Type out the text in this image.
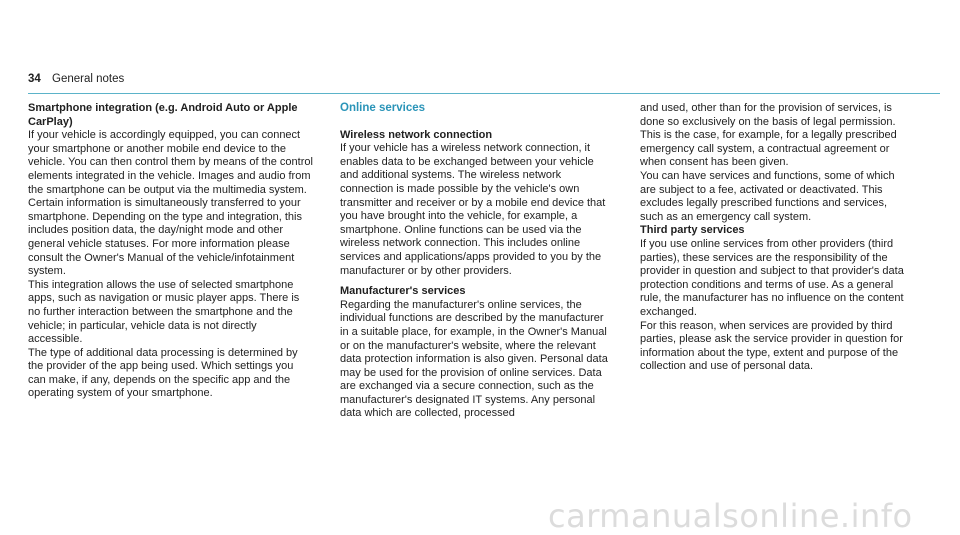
34 General notes

Smartphone integration (e.g. Android Auto or Apple CarPlay)

If your vehicle is accordingly equipped, you can connect your smartphone or another mobile end device to the vehicle. You can then control them by means of the control elements integrated in the vehicle. Images and audio from the smartphone can be output via the multimedia system. Certain information is simultaneously transferred to your smartphone. Depending on the type and integration, this includes position data, the day/night mode and other general vehicle statuses. For more information please consult the Owner's Manual of the vehicle/infotainment system.

This integration allows the use of selected smartphone apps, such as navigation or music player apps. There is no further interaction between the smartphone and the vehicle; in particular, vehicle data is not directly accessible.

The type of additional data processing is determined by the provider of the app being used. Which settings you can make, if any, depends on the specific app and the operating system of your smartphone.

Online services

Wireless network connection

If your vehicle has a wireless network connection, it enables data to be exchanged between your vehicle and additional systems. The wireless network connection is made possible by the vehicle's own transmitter and receiver or by a mobile end device that you have brought into the vehicle, for example, a smartphone. Online functions can be used via the wireless network connection. This includes online services and applications/apps provided to you by the manufacturer or by other providers.

Manufacturer's services

Regarding the manufacturer's online services, the individual functions are described by the manufacturer in a suitable place, for example, in the Owner's Manual or on the manufacturer's website, where the relevant data protection information is also given. Personal data may be used for the provision of online services. Data are exchanged via a secure connection, such as the manufacturer's designated IT systems. Any personal data which are collected, processed

and used, other than for the provision of services, is done so exclusively on the basis of legal permission. This is the case, for example, for a legally prescribed emergency call system, a contractual agreement or when consent has been given.

You can have services and functions, some of which are subject to a fee, activated or deactivated. This excludes legally prescribed functions and services, such as an emergency call system.

Third party services

If you use online services from other providers (third parties), these services are the responsibility of the provider in question and subject to that provider's data protection conditions and terms of use. As a general rule, the manufacturer has no influence on the content exchanged.

For this reason, when services are provided by third parties, please ask the service provider in question for information about the type, extent and purpose of the collection and use of personal data.

carmanualsonline.info
